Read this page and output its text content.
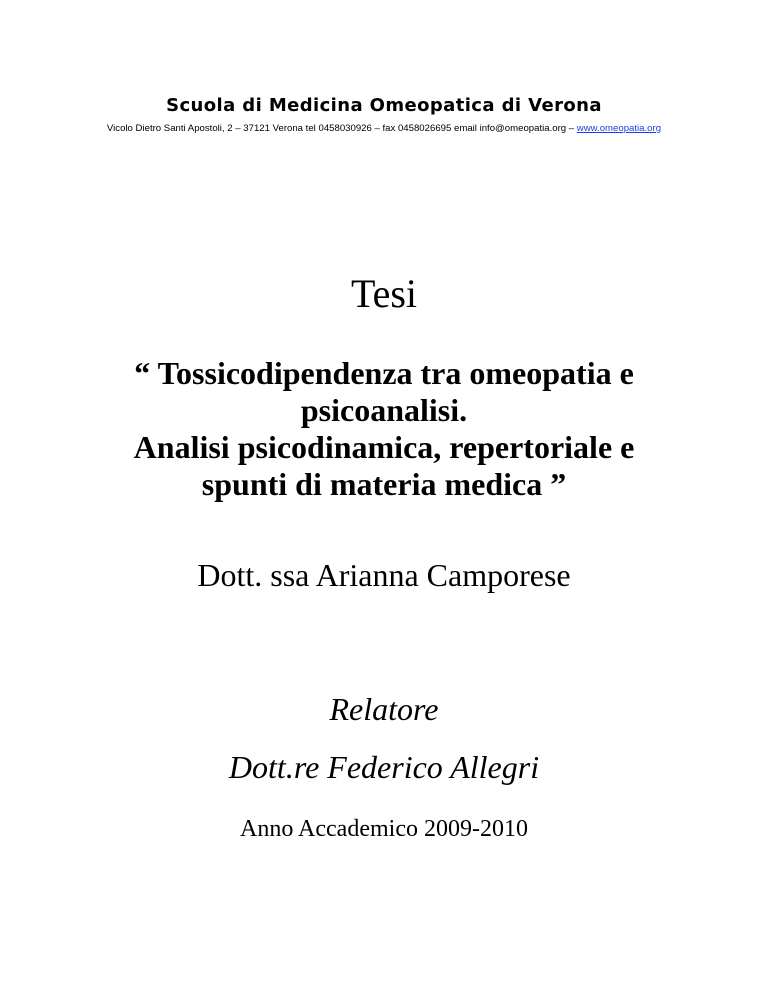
Scuola di Medicina Omeopatica di Verona
Vicolo Dietro Santi Apostoli, 2 – 37121 Verona tel 0458030926 – fax 0458026695 email info@omeopatia.org – www.omeopatia.org
Tesi
“ Tossicodipendenza tra omeopatia e
psicoanalisi.
Analisi psicodinamica, repertoriale e
spunti di materia medica ”
Dott. ssa Arianna Camporese
Relatore
Dott.re Federico Allegri
Anno Accademico 2009-2010
